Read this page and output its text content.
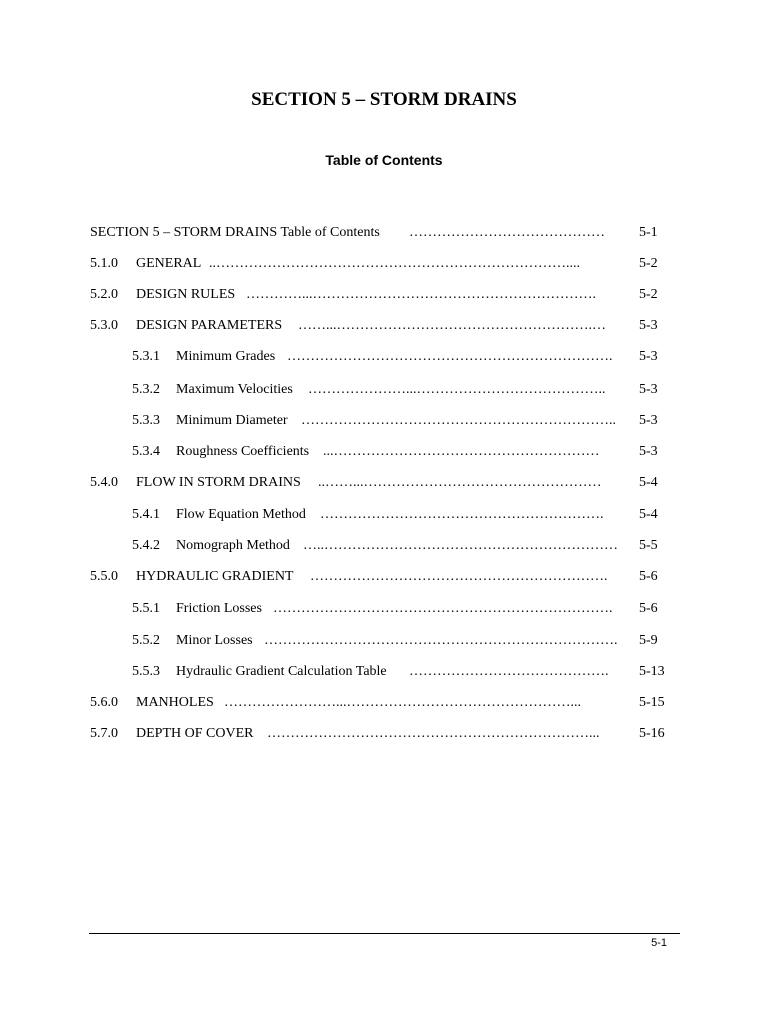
SECTION 5 – STORM DRAINS
Table of Contents
SECTION 5 – STORM DRAINS Table of Contents ……………………………………	5-1
5.1.0 GENERAL ..…………………………………………………………………....	5-2
5.2.0 DESIGN RULES …………...…………………………………………………….	5-2
5.3.0 DESIGN PARAMETERS ……...……………………………………………….…	5-3
5.3.1 Minimum Grades …………………………………………………………….	5-3
5.3.2 Maximum Velocities …………………...…………………………………..	5-3
5.3.3 Minimum Diameter …………………………………………………………..	5-3
5.3.4 Roughness Coefficients ...…………………………………………………	5-3
5.4.0 FLOW IN STORM DRAINS ..……...……………………………………………	5-4
5.4.1 Flow Equation Method …………………………………………………….	5-4
5.4.2 Nomograph Method …..………………………………………………………	5-5
5.5.0 HYDRAULIC GRADIENT ……………………………………………………….	5-6
5.5.1 Friction Losses ……………………………………………………………….	5-6
5.5.2 Minor Losses ………………………………………………………………….	5-9
5.5.3 Hydraulic Gradient Calculation Table …………………………………….	5-13
5.6.0 MANHOLES ……………………...…………………………………………...	5-15
5.7.0 DEPTH OF COVER ……………………………………………………………...	5-16

5-1
